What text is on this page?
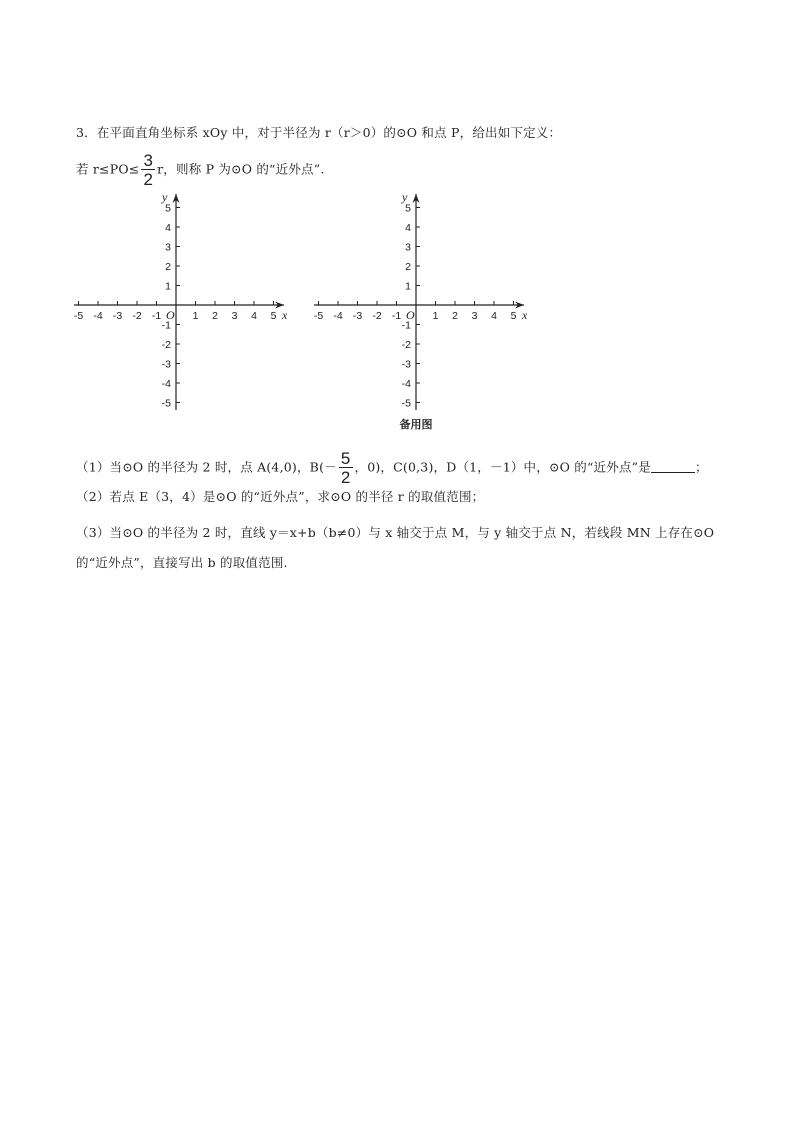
3．在平面直角坐标系 xOy 中，对于半径为 r（r＞0）的⊙O 和点 P，给出如下定义：
若 $r\le PO\le \frac{3}{2}$ r，则称 P 为⊙O 的“近外点”.
-5 -4 -3 -2 -1	1 2 3 4 5
5
4
3
2
1
-1
-2
-3
-4
-5
x
y
O	-5 -4 -3 -2 -1	1 2 3 4 5
5
4
3
2
1
-1
-2
-3
-4
-5
x
y
O
备用图
（1）当⊙O 的半径为 2 时，点 A(4,0)，$B(- \frac{5}{2}$ ，0)，C(0,3)，D（1，－1）中，⊙O 的“近外点”是	；
（2）若点 E（3，4）是⊙O 的“近外点”，求⊙O 的半径 r 的取值范围；
（3）当⊙O 的半径为 2 时，直线 y＝x+b（b≠0）与 x 轴交于点 M，与 y 轴交于点 N，若线段 MN 上存在⊙O
的“近外点”，直接写出 b 的取值范围.
